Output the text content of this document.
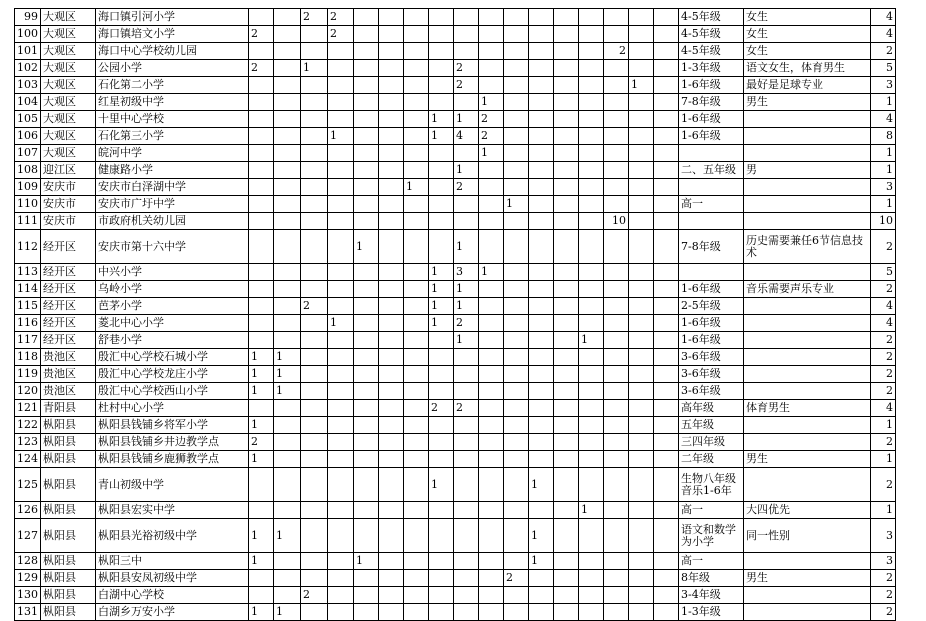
99	大观区	海口镇引河小学			2	2														4-5年级	女生	4
100	大观区	海口镇培文小学	2			2														4-5年级	女生	4
101	大观区	海口中心学校幼儿园															2			4-5年级	女生	2
102	大观区	公园小学	2		1						2									1-3年级	语文女生，体育男生	5
103	大观区	石化第二小学									2							1		1-6年级	最好是足球专业	3
104	大观区	红星初级中学										1								7-8年级	男生	1
105	大观区	十里中心学校								1	1	2								1-6年级		4
106	大观区	石化第三小学				1				1	4	2								1-6年级		8
107	大观区	皖河中学										1										1
108	迎江区	健康路小学									1									二、五年级	男	1
109	安庆市	安庆市白泽湖中学							1		2											3
110	安庆市	安庆市广圩中学											1							高一		1
111	安庆市	市政府机关幼儿园															10					10
112	经开区	安庆市第十六中学					1				1									7-8年级	历史需要兼任6节信息技术	2
113	经开区	中兴小学								1	3	1										5
114	经开区	乌岭小学								1	1									1-6年级	音乐需要声乐专业	2
115	经开区	芭茅小学			2					1	1									2-5年级		4
116	经开区	菱北中心小学				1				1	2									1-6年级		4
117	经开区	舒巷小学									1					1				1-6年级		2
118	贵池区	殷汇中心学校石城小学	1	1																3-6年级		2
119	贵池区	殷汇中心学校龙庄小学	1	1																3-6年级		2
120	贵池区	殷汇中心学校西山小学	1	1																3-6年级		2
121	青阳县	杜村中心小学								2	2									高年级	体育男生	4
122	枞阳县	枞阳县钱铺乡将军小学	1																	五年级		1
123	枞阳县	枞阳县钱铺乡井边教学点	2																	三四年级		2
124	枞阳县	枞阳县钱铺乡鹿狮教学点	1																	二年级	男生	1
125	枞阳县	青山初级中学								1				1						生物八年级音乐1-6年		2
126	枞阳县	枞阳县宏实中学														1				高一	大四优先	1
127	枞阳县	枞阳县光裕初级中学	1	1										1						语文和数学为小学	同一性别	3
128	枞阳县	枞阳三中	1				1							1						高一		3
129	枞阳县	枞阳县安凤初级中学											2							8年级	男生	2
130	枞阳县	白湖中心学校			2															3-4年级		2
131	枞阳县	白湖乡万安小学	1	1																1-3年级		2
